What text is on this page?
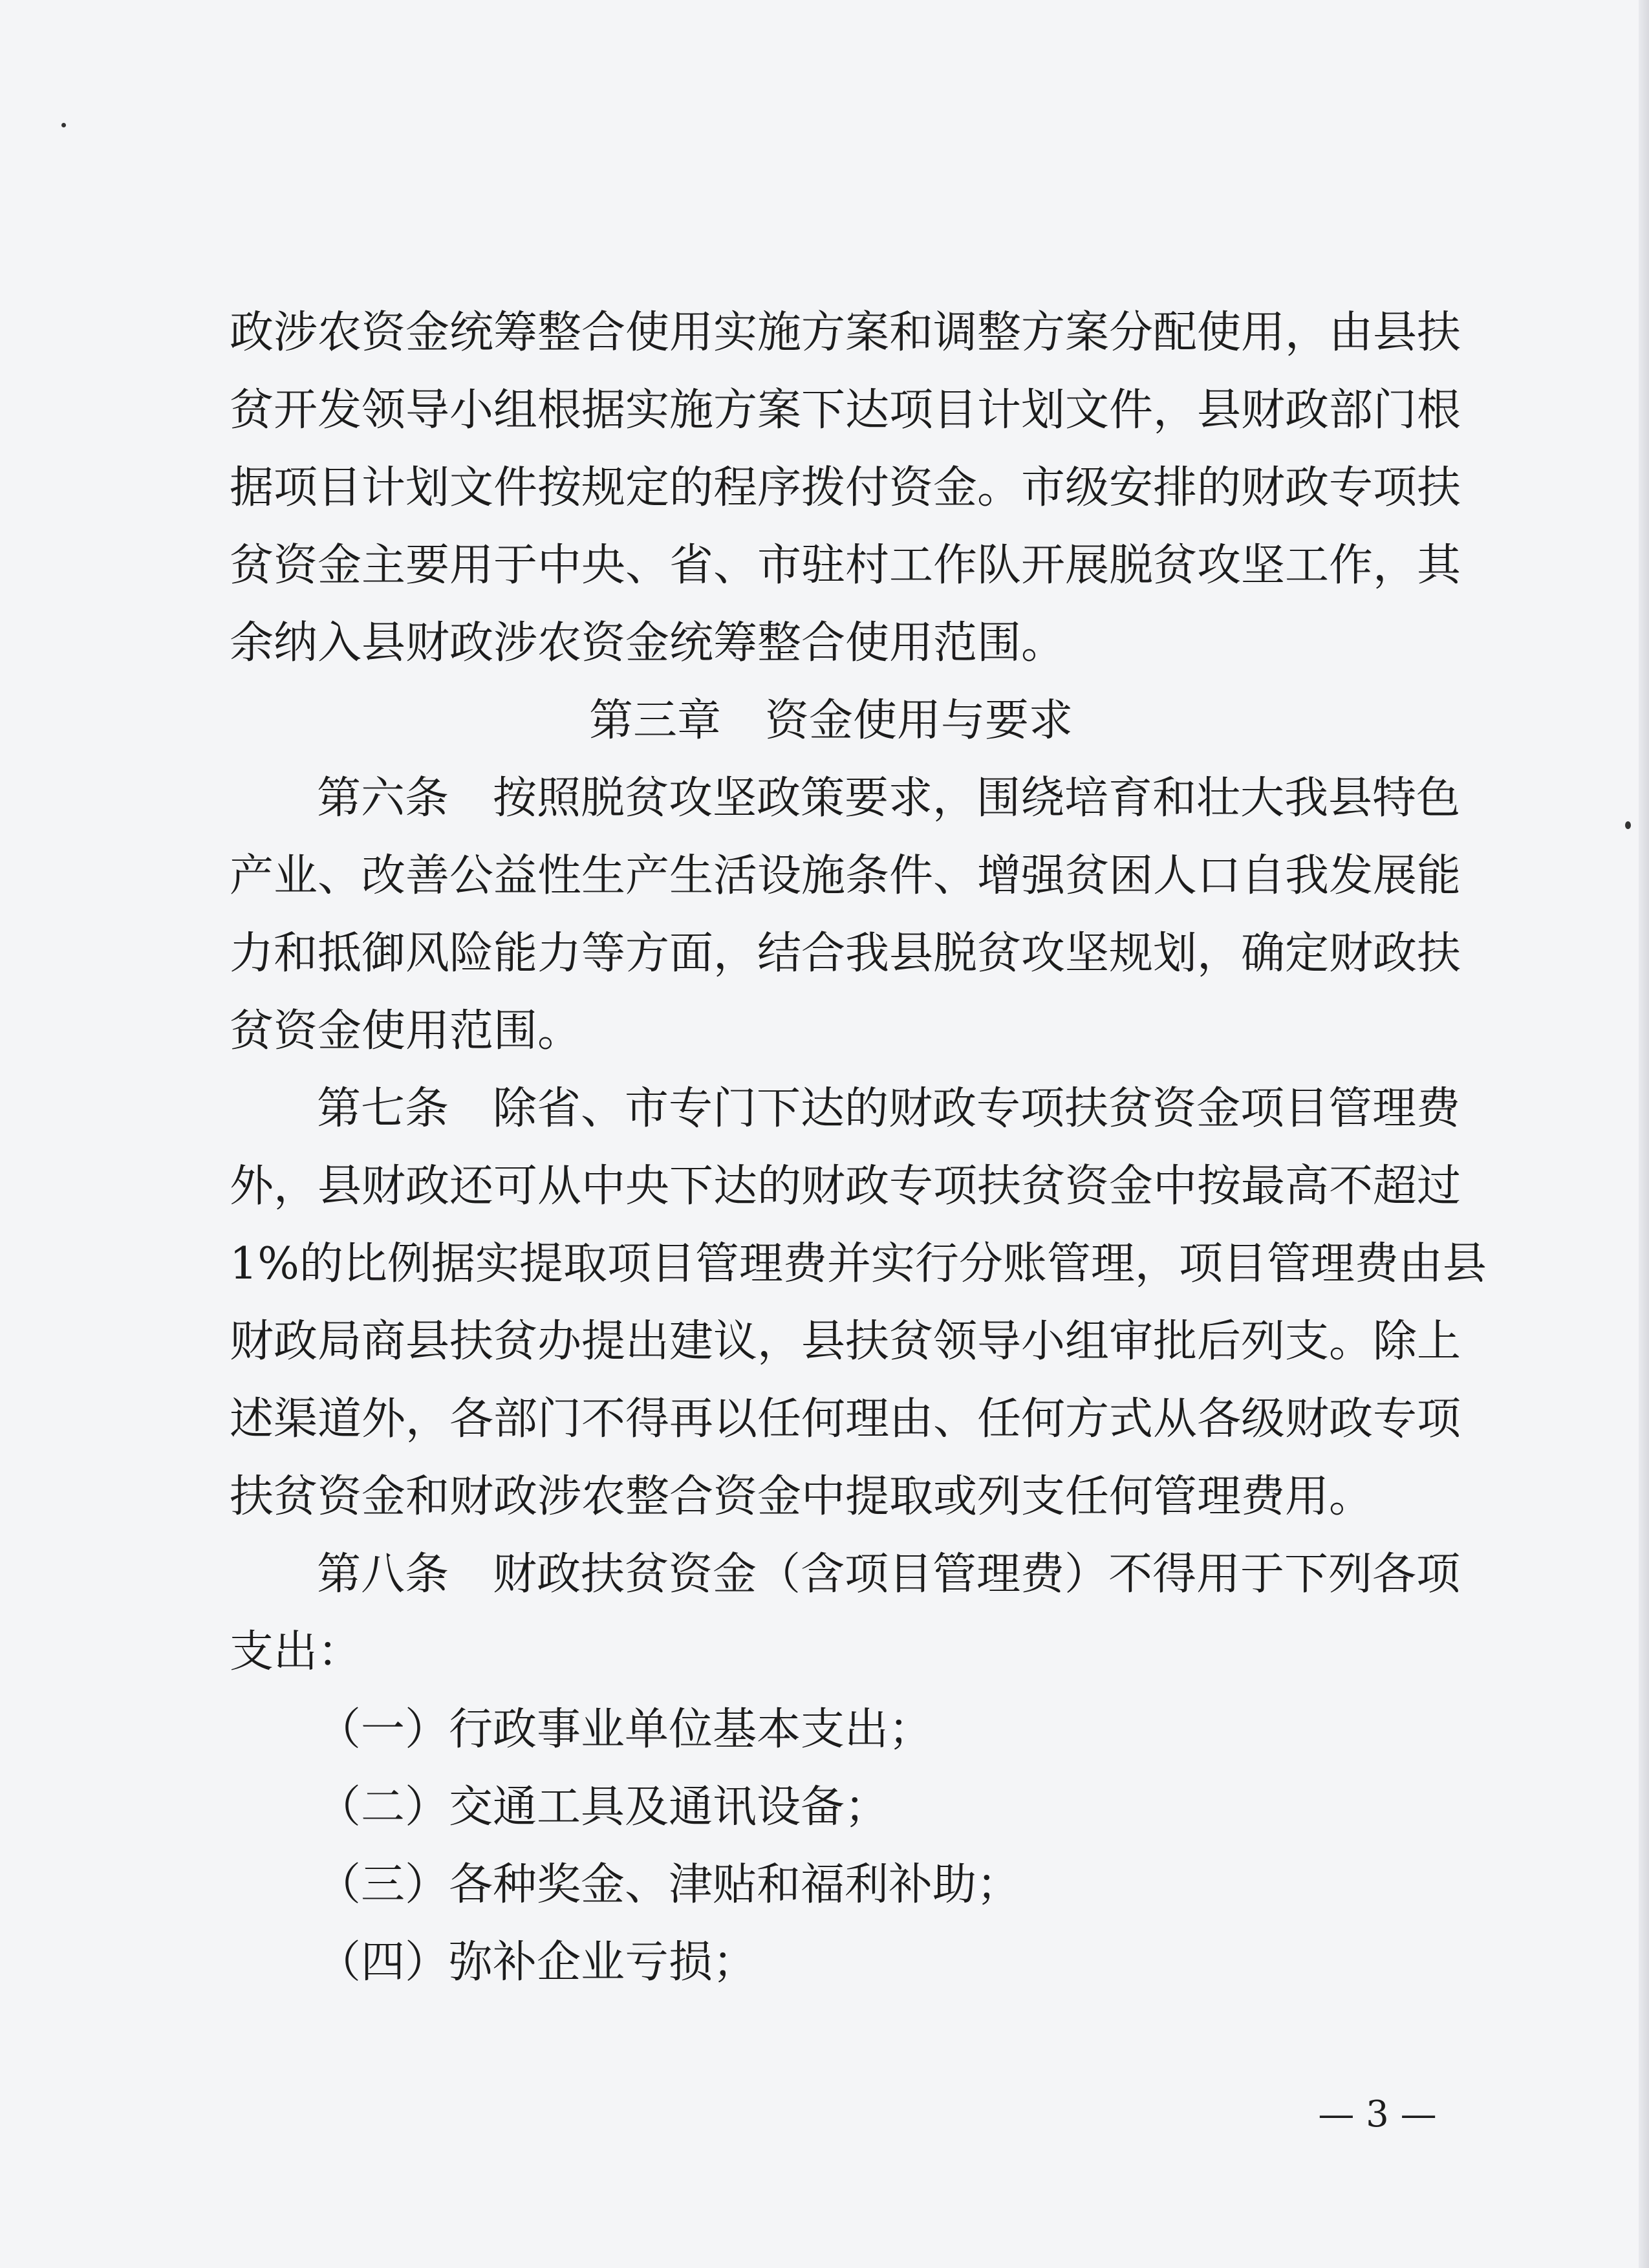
政涉农资金统筹整合使用实施方案和调整方案分配使用，由县扶
贫开发领导小组根据实施方案下达项目计划文件，县财政部门根
据项目计划文件按规定的程序拨付资金。市级安排的财政专项扶
贫资金主要用于中央、省、市驻村工作队开展脱贫攻坚工作，其
余纳入县财政涉农资金统筹整合使用范围。
第三章　资金使用与要求
第六条　按照脱贫攻坚政策要求，围绕培育和壮大我县特色
产业、改善公益性生产生活设施条件、增强贫困人口自我发展能
力和抵御风险能力等方面，结合我县脱贫攻坚规划，确定财政扶
贫资金使用范围。
第七条　除省、市专门下达的财政专项扶贫资金项目管理费
外，县财政还可从中央下达的财政专项扶贫资金中按最高不超过
1%的比例据实提取项目管理费并实行分账管理，项目管理费由县
财政局商县扶贫办提出建议，县扶贫领导小组审批后列支。除上
述渠道外，各部门不得再以任何理由、任何方式从各级财政专项
扶贫资金和财政涉农整合资金中提取或列支任何管理费用。
第八条　财政扶贫资金（含项目管理费）不得用于下列各项
支出：
（一）行政事业单位基本支出；
（二）交通工具及通讯设备；
（三）各种奖金、津贴和福利补助；
（四）弥补企业亏损；
— 3 —
